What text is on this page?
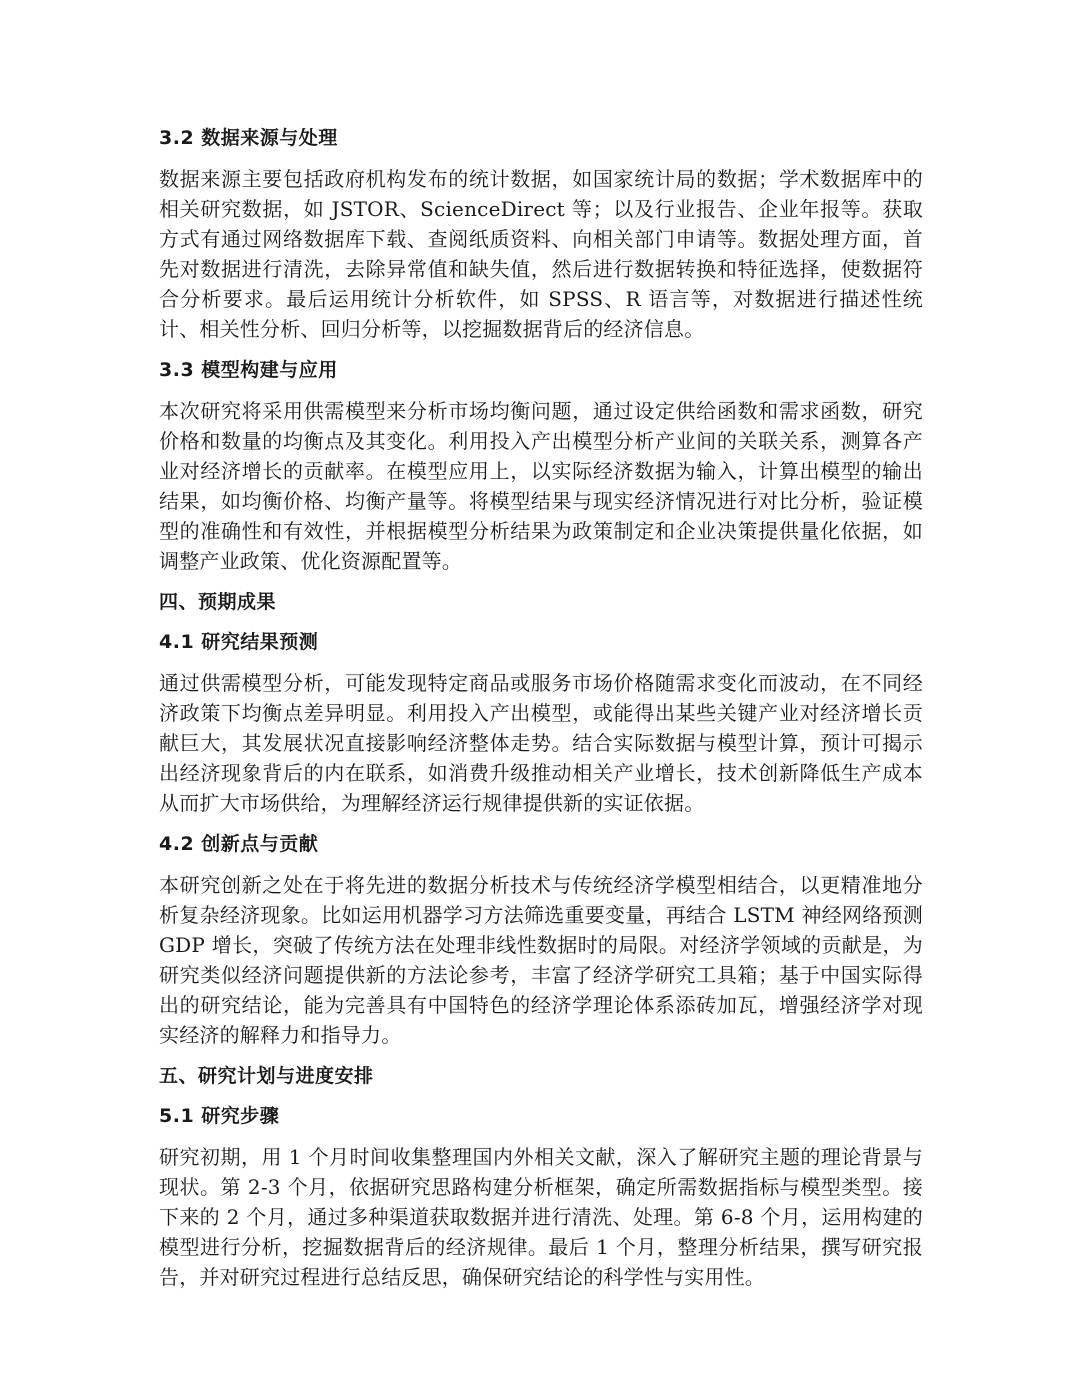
3.2 数据来源与处理

数据来源主要包括政府机构发布的统计数据，如国家统计局的数据；学术数据库中的相关研究数据，如 JSTOR、ScienceDirect 等；以及行业报告、企业年报等。获取方式有通过网络数据库下载、查阅纸质资料、向相关部门申请等。数据处理方面，首先对数据进行清洗，去除异常值和缺失值，然后进行数据转换和特征选择，使数据符合分析要求。最后运用统计分析软件，如 SPSS、R 语言等，对数据进行描述性统计、相关性分析、回归分析等，以挖掘数据背后的经济信息。

3.3 模型构建与应用

本次研究将采用供需模型来分析市场均衡问题，通过设定供给函数和需求函数，研究价格和数量的均衡点及其变化。利用投入产出模型分析产业间的关联关系，测算各产业对经济增长的贡献率。在模型应用上，以实际经济数据为输入，计算出模型的输出结果，如均衡价格、均衡产量等。将模型结果与现实经济情况进行对比分析，验证模型的准确性和有效性，并根据模型分析结果为政策制定和企业决策提供量化依据，如调整产业政策、优化资源配置等。

四、预期成果
4.1 研究结果预测

通过供需模型分析，可能发现特定商品或服务市场价格随需求变化而波动，在不同经济政策下均衡点差异明显。利用投入产出模型，或能得出某些关键产业对经济增长贡献巨大，其发展状况直接影响经济整体走势。结合实际数据与模型计算，预计可揭示出经济现象背后的内在联系，如消费升级推动相关产业增长，技术创新降低生产成本从而扩大市场供给，为理解经济运行规律提供新的实证依据。

4.2 创新点与贡献

本研究创新之处在于将先进的数据分析技术与传统经济学模型相结合，以更精准地分析复杂经济现象。比如运用机器学习方法筛选重要变量，再结合 LSTM 神经网络预测 GDP 增长，突破了传统方法在处理非线性数据时的局限。对经济学领域的贡献是，为研究类似经济问题提供新的方法论参考，丰富了经济学研究工具箱；基于中国实际得出的研究结论，能为完善具有中国特色的经济学理论体系添砖加瓦，增强经济学对现实经济的解释力和指导力。

五、研究计划与进度安排
5.1 研究步骤

研究初期，用 1 个月时间收集整理国内外相关文献，深入了解研究主题的理论背景与现状。第 2-3 个月，依据研究思路构建分析框架，确定所需数据指标与模型类型。接下来的 2 个月，通过多种渠道获取数据并进行清洗、处理。第 6-8 个月，运用构建的模型进行分析，挖掘数据背后的经济规律。最后 1 个月，整理分析结果，撰写研究报告，并对研究过程进行总结反思，确保研究结论的科学性与实用性。
